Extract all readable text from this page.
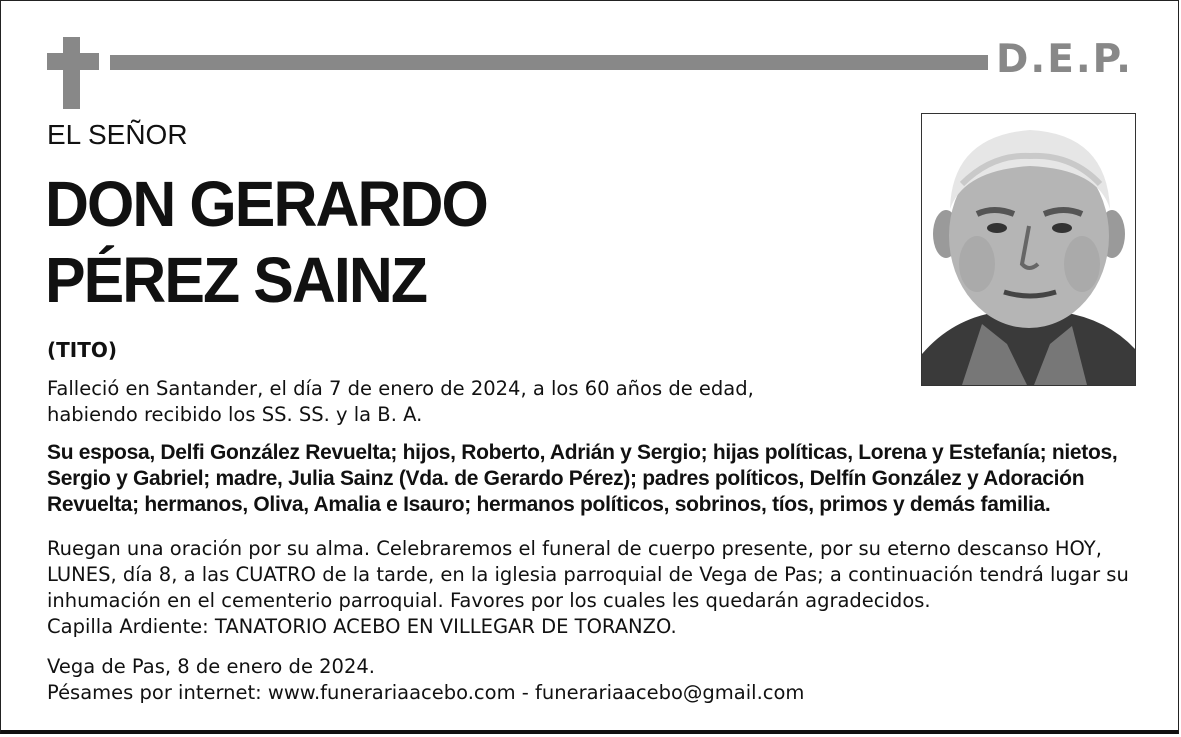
D.E.P.
EL SEÑOR
DON GERARDO
PÉREZ SAINZ
(TITO)
Falleció en Santander, el día 7 de enero de 2024, a los 60 años de edad,
habiendo recibido los SS. SS. y la B. A.
Su esposa, Delfi González Revuelta; hijos, Roberto, Adrián y Sergio; hijas políticas, Lorena y Estefanía; nietos, Sergio y Gabriel; madre, Julia Sainz (Vda. de Gerardo Pérez); padres políticos, Delfín González y Adoración Revuelta; hermanos, Oliva, Amalia e Isauro; hermanos políticos, sobrinos, tíos, primos y demás familia.
Ruegan una oración por su alma. Celebraremos el funeral de cuerpo presente, por su eterno descanso HOY, LUNES, día 8, a las CUATRO de la tarde, en la iglesia parroquial de Vega de Pas; a continuación tendrá lugar su inhumación en el cementerio parroquial. Favores por los cuales les quedarán agradecidos.
Capilla Ardiente: TANATORIO ACEBO EN VILLEGAR DE TORANZO.
Vega de Pas, 8 de enero de 2024.
Pésames por internet: www.funerariaacebo.com - funerariaacebo@gmail.com
